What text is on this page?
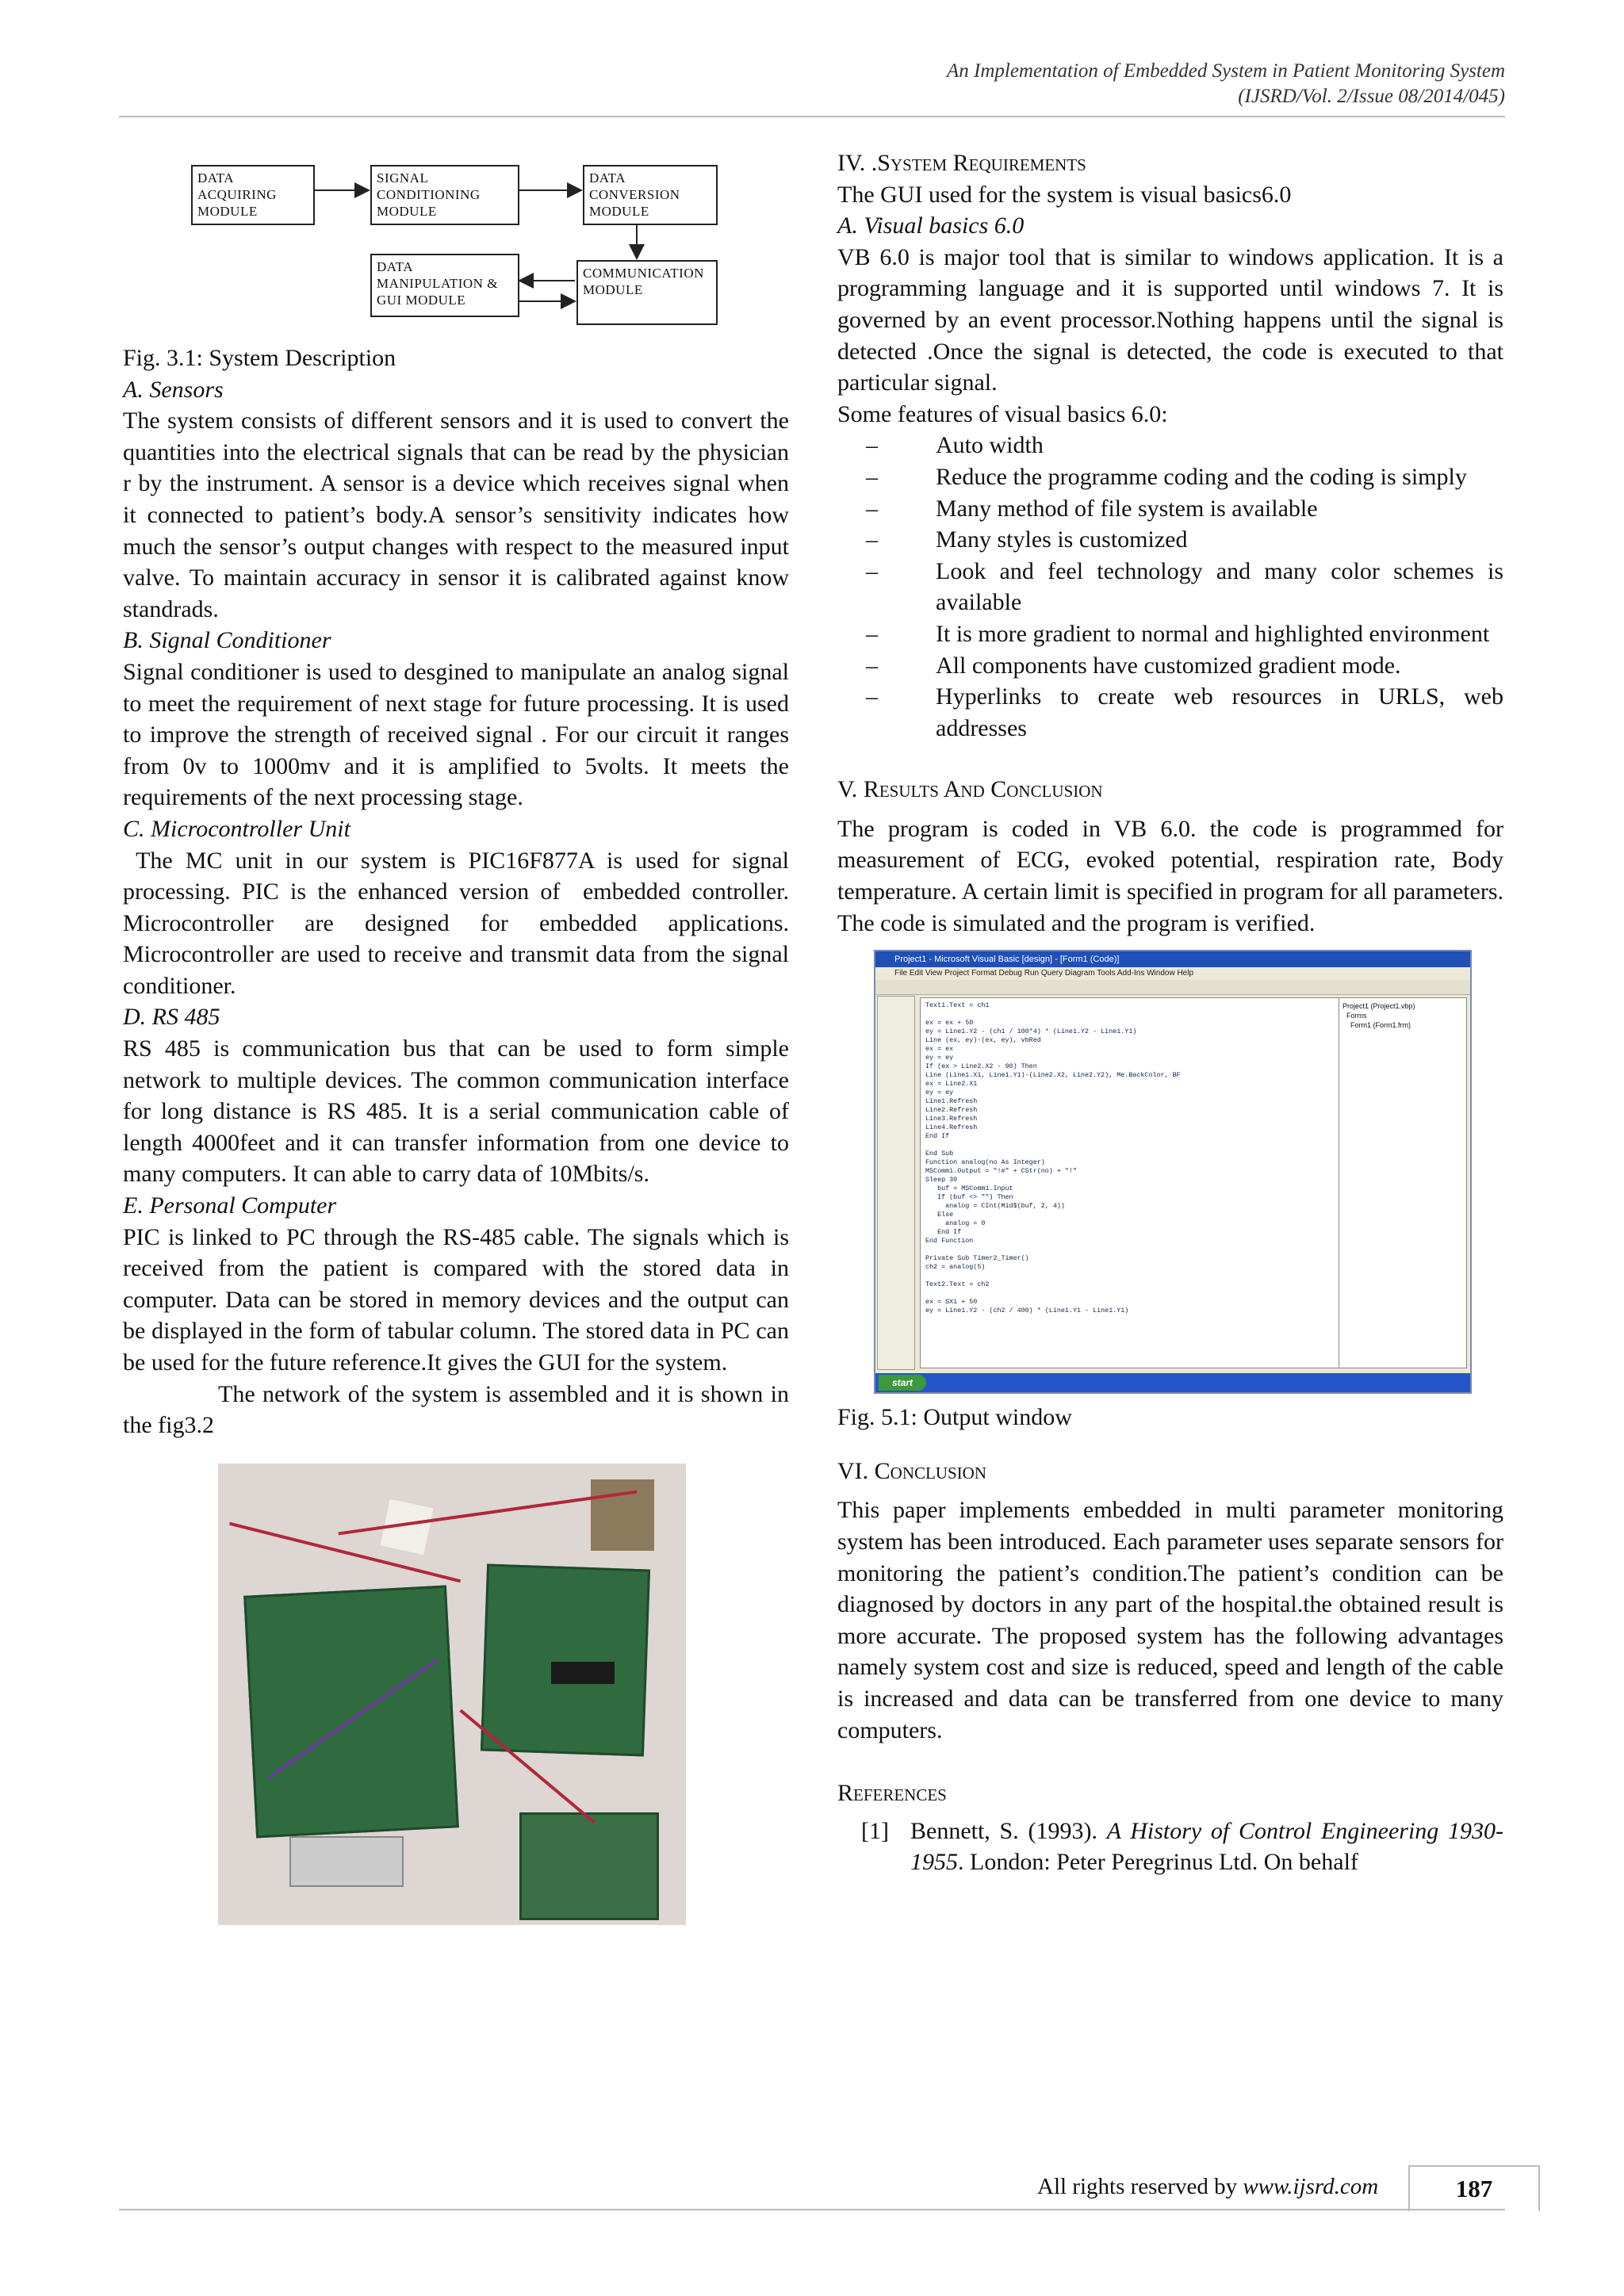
An Implementation of Embedded System in Patient Monitoring System
(IJSRD/Vol. 2/Issue 08/2014/045)
DATA ACQUIRING MODULE
SIGNAL CONDITIONING MODULE
DATA CONVERSION MODULE
DATA MANIPULATION & GUI MODULE
COMMUNICATION MODULE

Fig. 3.1: System Description

A. Sensors

The system consists of different sensors and it is used to convert the quantities into the electrical signals that can be read by the physician r by the instrument. A sensor is a device which receives signal when it connected to patient’s body.A sensor’s sensitivity indicates how much the sensor’s output changes with respect to the measured input valve. To maintain accuracy in sensor it is calibrated against know standrads.

B. Signal Conditioner

Signal conditioner is used to desgined to manipulate an analog signal to meet the requirement of next stage for future processing. It is used to improve the strength of received signal . For our circuit it ranges from 0v to 1000mv and it is amplified to 5volts. It meets the requirements of the next processing stage.

C. Microcontroller Unit

The MC unit in our system is PIC16F877A is used for signal processing. PIC is the enhanced version of  embedded controller. Microcontroller are designed for embedded applications. Microcontroller are used to receive and transmit data from the signal conditioner.

D. RS 485

RS 485 is communication bus that can be used to form simple network to multiple devices. The common communication interface for long distance is RS 485. It is a serial communication cable of length 4000feet and it can transfer information from one device to many computers. It can able to carry data of 10Mbits/s.

E. Personal Computer

PIC is linked to PC through the RS-485 cable. The signals which is received from the patient is compared with the stored data in computer. Data can be stored in memory devices and the output can be displayed in the form of tabular column. The stored data in PC can be used for the future reference.It gives the GUI for the system.

The network of the system is assembled and it is shown in the fig3.2

IV. .System Requirements

The GUI used for the system is visual basics6.0

A. Visual basics 6.0

VB 6.0 is major tool that is similar to windows application. It is a programming language and it is supported until windows 7. It is governed by an event processor.Nothing happens until the signal is detected .Once the signal is detected, the code is executed to that particular signal.

Some features of visual basics 6.0:

– Auto width
– Reduce the programme coding and the coding is simply
– Many method of file system is available
– Many styles is customized
– Look and feel technology and many color schemes is available
– It is more gradient to normal and highlighted environment
– All components have customized gradient mode.
– Hyperlinks to create web resources in URLS, web addresses

V. Results And Conclusion

The program is coded in VB 6.0. the code is programmed for measurement of ECG, evoked potential, respiration rate, Body temperature. A certain limit is specified in program for all parameters. The code is simulated and the program is verified.

Project1 - Microsoft Visual Basic [design] - [Form1 (Code)]
File Edit View Project Format Debug Run Query Diagram Tools Add-Ins Window Help
Text1.Text = ch1

ex = ex + 50
ey = Line1.Y2 - (ch1 / 100*4) * (Line1.Y2 - Line1.Y1)
Line (ex, ey)-(ex, ey), vbRed
ex = ex
ey = ey
If (ex > Line2.X2 - 90) Then
Line (Line1.X1, Line1.Y1)-(Line2.X2, Line2.Y2), Me.BackColor, BF
ex = Line2.X1
ey = ey
Line1.Refresh
Line2.Refresh
Line3.Refresh
Line4.Refresh
End If

End Sub
Function analog(no As Integer)
MSComm1.Output = "!#" + CStr(no) + "!"
Sleep 30
buf = MSComm1.Input
If (buf <> "") Then
analog = CInt(Mid$(buf, 2, 4))
Else
analog = 0
End If
End Function

Private Sub Timer2_Timer()
ch2 = analog(5)

Text2.Text = ch2

ex = SX1 + 50
ey = Line1.Y2 - (ch2 / 400) * (Line1.Y1 - Line1.Y1)
Project1 (Project1.vbp)
Forms
Form1 (Form1.frm)
start

Fig. 5.1: Output window

VI. Conclusion

This paper implements embedded in multi parameter monitoring system has been introduced. Each parameter uses separate sensors for monitoring the patient’s condition.The patient’s condition can be diagnosed by doctors in any part of the hospital.the obtained result is more accurate. The proposed system has the following advantages namely system cost and size is reduced, speed and length of the cable is increased and data can be transferred from one device to many computers.

References

[1] Bennett, S. (1993). A History of Control Engineering 1930-1955. London: Peter Peregrinus Ltd. On behalf
All rights reserved by www.ijsrd.com	187
